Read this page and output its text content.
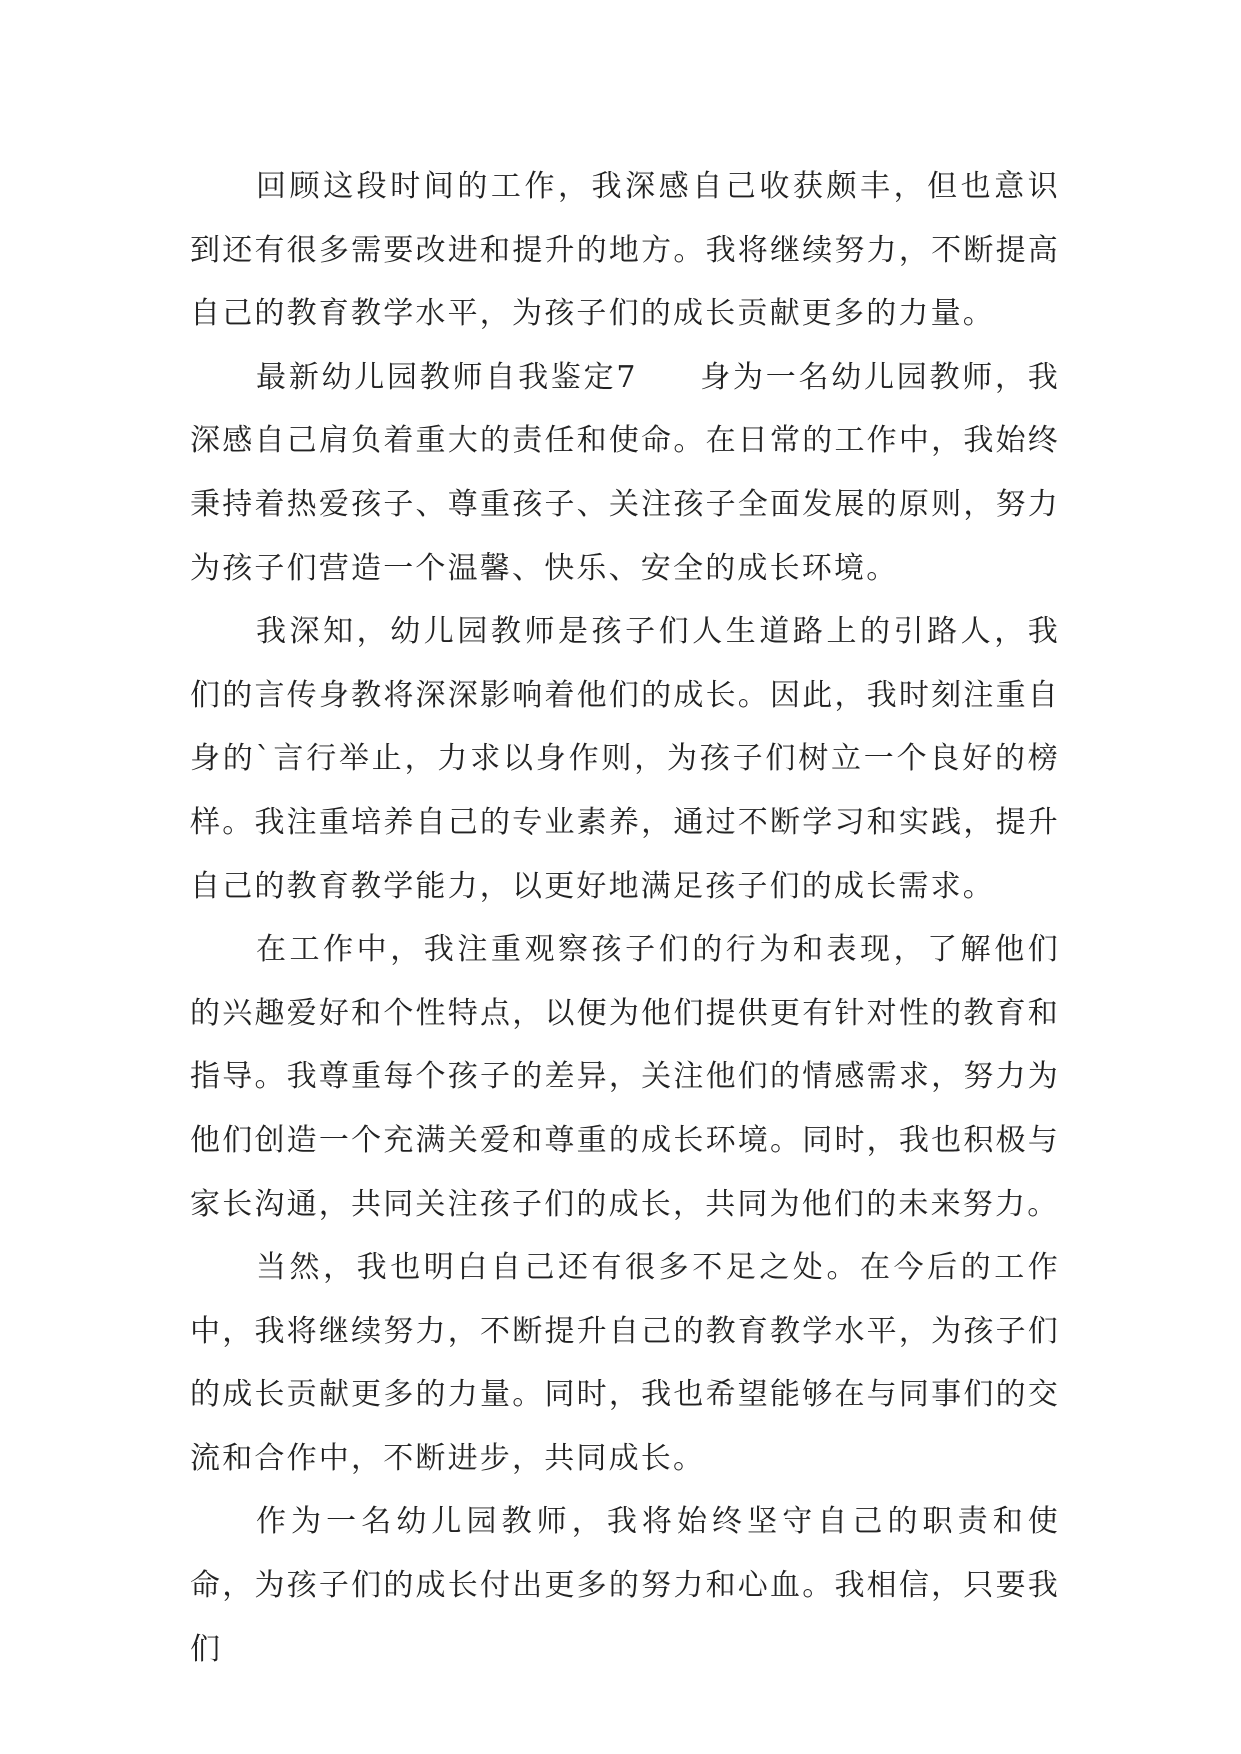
回顾这段时间的工作，我深感自己收获颇丰，但也意识到还有很多需要改进和提升的地方。我将继续努力，不断提高自己的教育教学水平，为孩子们的成长贡献更多的力量。

最新幼儿园教师自我鉴定7 身为一名幼儿园教师，我深感自己肩负着重大的责任和使命。在日常的工作中，我始终秉持着热爱孩子、尊重孩子、关注孩子全面发展的原则，努力为孩子们营造一个温馨、快乐、安全的成长环境。

我深知，幼儿园教师是孩子们人生道路上的引路人，我们的言传身教将深深影响着他们的成长。因此，我时刻注重自身的`言行举止，力求以身作则，为孩子们树立一个良好的榜样。我注重培养自己的专业素养，通过不断学习和实践，提升自己的教育教学能力，以更好地满足孩子们的成长需求。

在工作中，我注重观察孩子们的行为和表现，了解他们的兴趣爱好和个性特点，以便为他们提供更有针对性的教育和指导。我尊重每个孩子的差异，关注他们的情感需求，努力为他们创造一个充满关爱和尊重的成长环境。同时，我也积极与家长沟通，共同关注孩子们的成长，共同为他们的未来努力。

当然，我也明白自己还有很多不足之处。在今后的工作中，我将继续努力，不断提升自己的教育教学水平，为孩子们的成长贡献更多的力量。同时，我也希望能够在与同事们的交流和合作中，不断进步，共同成长。

作为一名幼儿园教师，我将始终坚守自己的职责和使命，为孩子们的成长付出更多的努力和心血。我相信，只要我们
